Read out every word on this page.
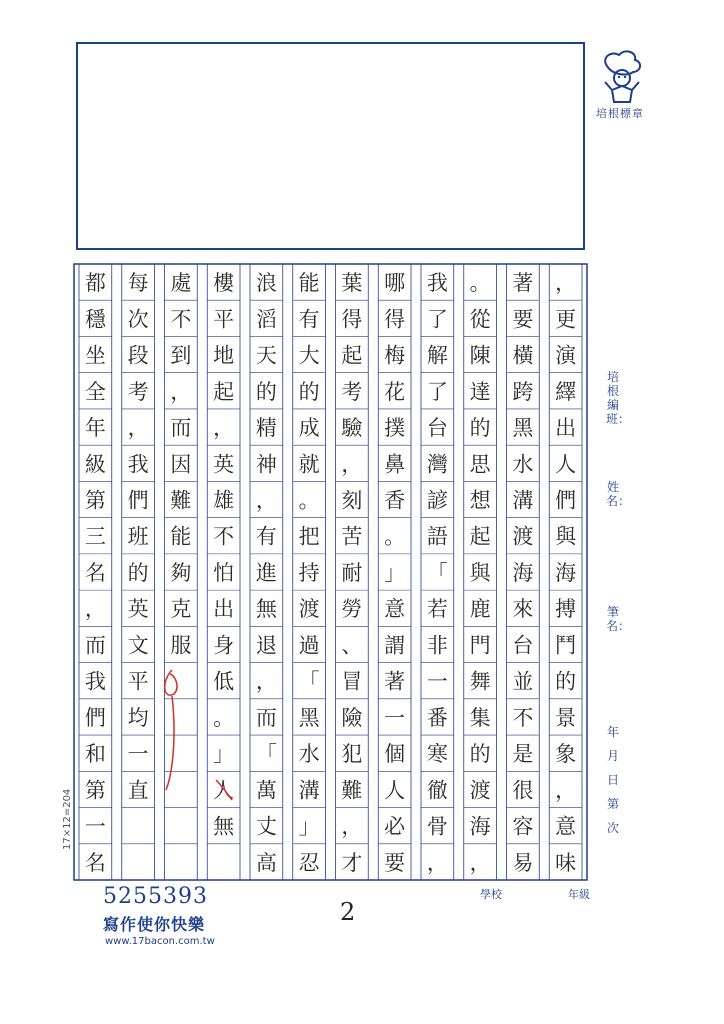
培根標章
，
更
演
繹
出
人
們
與
海
搏
鬥
的
景
象
，
意
味
著
要
橫
跨
黑
水
溝
渡
海
來
台
並
不
是
很
容
易
。
從
陳
達
的
思
想
起
與
鹿
門
舞
集
的
渡
海
，
我
了
解
了
台
灣
諺
語
「
若
非
一
番
寒
徹
骨
，
哪
得
梅
花
撲
鼻
香
。
」
意
謂
著
一
個
人
必
要
葉
得
起
考
驗
，
刻
苦
耐
勞
、
冒
險
犯
難
，
才
能
有
大
的
成
就
。
把
持
渡
過
「
黑
水
溝
」
忍
浪
滔
天
的
精
神
，
有
進
無
退
，
而
「
萬
丈
高
樓
平
地
起
，
英
雄
不
怕
出
身
低
。
」
人
無
處
不
到
，
而
因
難
能
夠
克
服
每
次
段
考
，
我
們
班
的
英
文
平
均
一
直
都
穩
坐
全
年
級
第
三
名
，
而
我
們
和
第
一
名
培根編班：
姓名：
筆名：
年月日第次
17×12=204
學校	年級
5255393
寫作使你快樂
www.17bacon.com.tw
2
